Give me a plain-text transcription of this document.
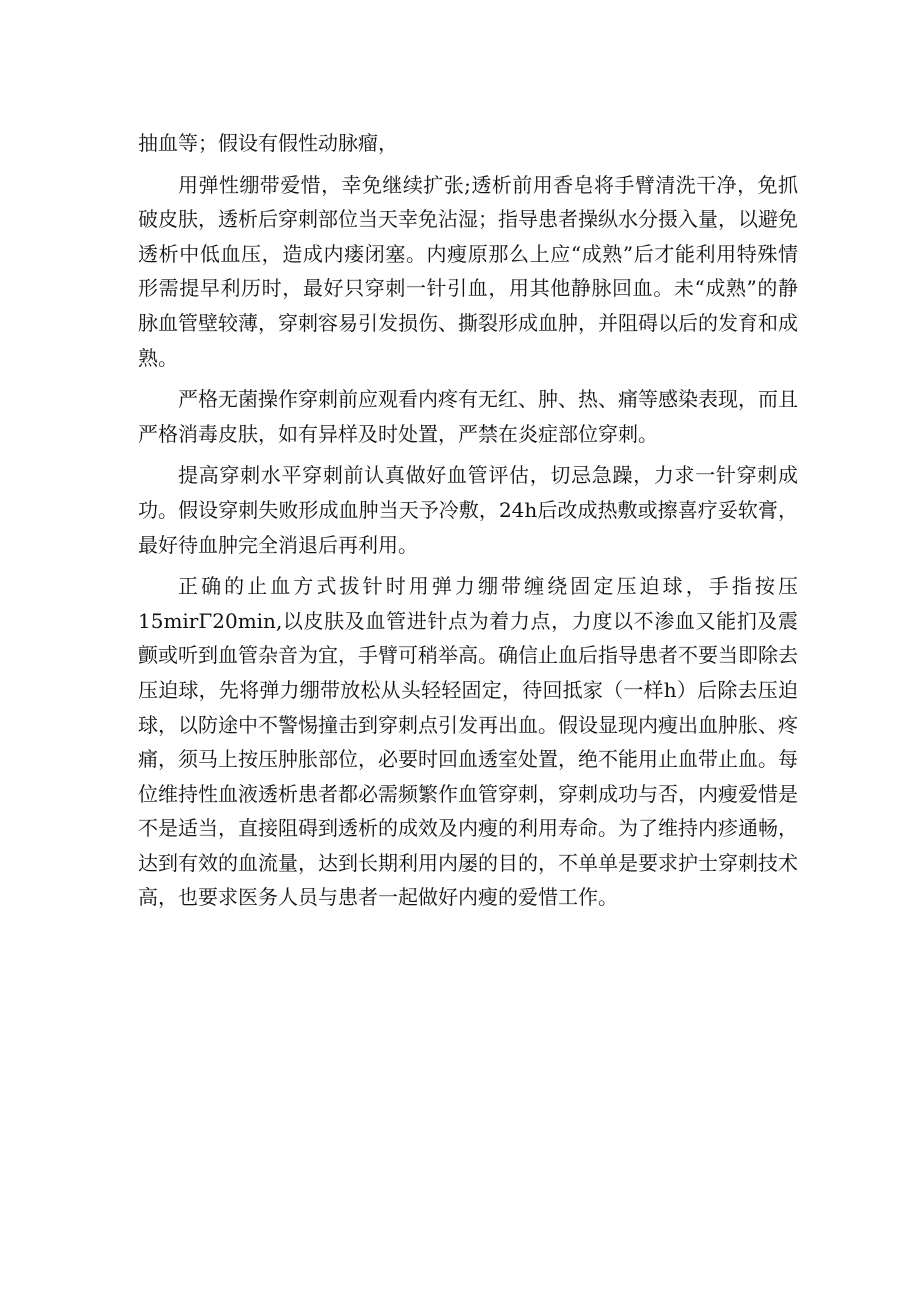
抽血等；假设有假性动脉瘤，

用弹性绷带爱惜，幸免继续扩张;透析前用香皂将手臂清洗干净，免抓破皮肤，透析后穿刺部位当天幸免沾湿；指导患者操纵水分摄入量，以避免透析中低血压，造成内瘘闭塞。内瘦原那么上应“成熟”后才能利用特殊情形需提早利历时，最好只穿刺一针引血，用其他静脉回血。未“成熟”的静脉血管壁较薄，穿刺容易引发损伤、撕裂形成血肿，并阻碍以后的发育和成熟。

严格无菌操作穿刺前应观看内疼有无红、肿、热、痛等感染表现，而且严格消毒皮肤，如有异样及时处置，严禁在炎症部位穿刺。

提高穿刺水平穿刺前认真做好血管评估，切忌急躁，力求一针穿刺成功。假设穿刺失败形成血肿当天予冷敷，24h后改成热敷或擦喜疗妥软膏，最好待血肿完全消退后再利用。

正确的止血方式拔针时用弹力绷带缠绕固定压迫球，手指按压15mirΓ20min,以皮肤及血管进针点为着力点，力度以不渗血又能扪及震颤或听到血管杂音为宜，手臂可稍举高。确信止血后指导患者不要当即除去压迫球，先将弹力绷带放松从头轻轻固定，待回抵家（一样h）后除去压迫球，以防途中不警惕撞击到穿刺点引发再出血。假设显现内瘦出血肿胀、疼痛，须马上按压肿胀部位，必要时回血透室处置，绝不能用止血带止血。每位维持性血液透析患者都必需频繁作血管穿刺，穿刺成功与否，内瘦爱惜是不是适当，直接阻碍到透析的成效及内瘦的利用寿命。为了维持内疹通畅，达到有效的血流量，达到长期利用内屡的目的，不单单是要求护士穿刺技术高，也要求医务人员与患者一起做好内瘦的爱惜工作。
